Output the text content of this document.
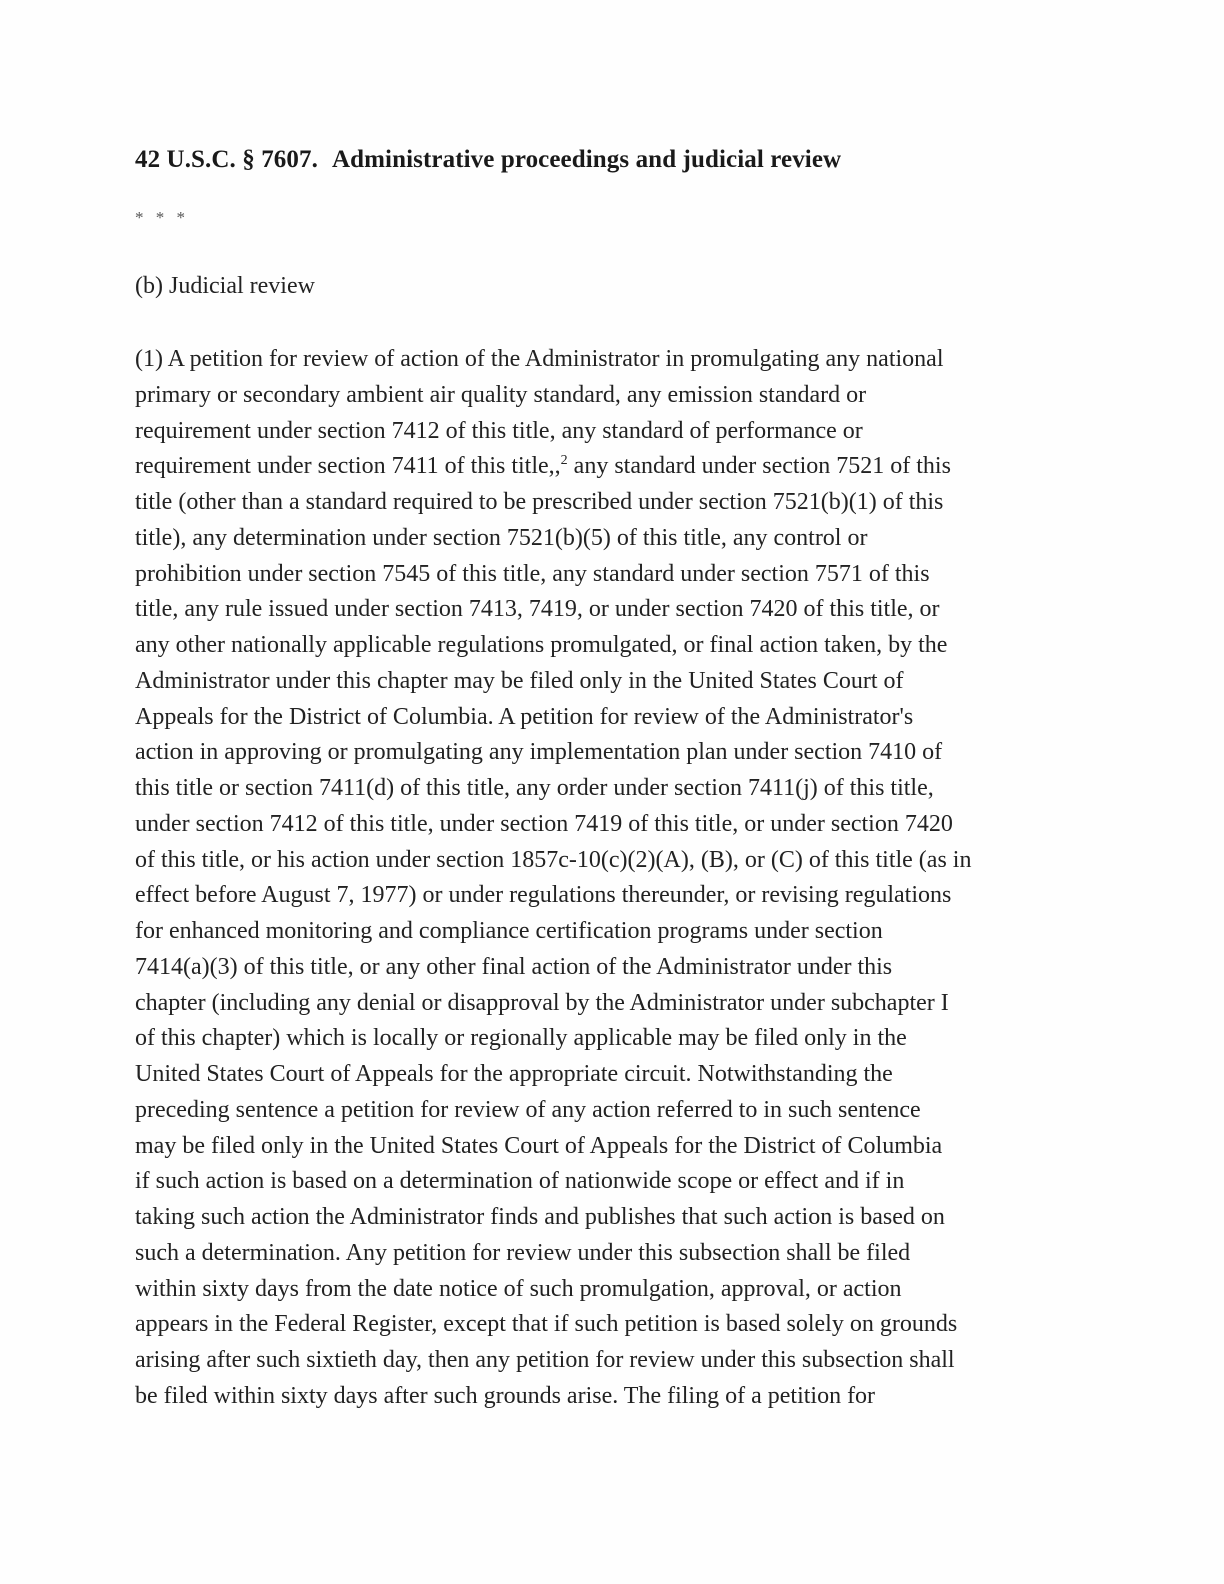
42 U.S.C. § 7607. Administrative proceedings and judicial review
* * *
(b) Judicial review
(1) A petition for review of action of the Administrator in promulgating any national
primary or secondary ambient air quality standard, any emission standard or
requirement under section 7412 of this title, any standard of performance or
requirement under section 7411 of this title,,$^2$ any standard under section 7521 of this
title (other than a standard required to be prescribed under section 7521(b)(1) of this
title), any determination under section 7521(b)(5) of this title, any control or
prohibition under section 7545 of this title, any standard under section 7571 of this
title, any rule issued under section 7413, 7419, or under section 7420 of this title, or
any other nationally applicable regulations promulgated, or final action taken, by the
Administrator under this chapter may be filed only in the United States Court of
Appeals for the District of Columbia. A petition for review of the Administrator's
action in approving or promulgating any implementation plan under section 7410 of
this title or section 7411(d) of this title, any order under section 7411(j) of this title,
under section 7412 of this title, under section 7419 of this title, or under section 7420
of this title, or his action under section 1857c-10(c)(2)(A), (B), or (C) of this title (as in
effect before August 7, 1977) or under regulations thereunder, or revising regulations
for enhanced monitoring and compliance certification programs under section
7414(a)(3) of this title, or any other final action of the Administrator under this
chapter (including any denial or disapproval by the Administrator under subchapter I
of this chapter) which is locally or regionally applicable may be filed only in the
United States Court of Appeals for the appropriate circuit. Notwithstanding the
preceding sentence a petition for review of any action referred to in such sentence
may be filed only in the United States Court of Appeals for the District of Columbia
if such action is based on a determination of nationwide scope or effect and if in
taking such action the Administrator finds and publishes that such action is based on
such a determination. Any petition for review under this subsection shall be filed
within sixty days from the date notice of such promulgation, approval, or action
appears in the Federal Register, except that if such petition is based solely on grounds
arising after such sixtieth day, then any petition for review under this subsection shall
be filed within sixty days after such grounds arise. The filing of a petition for
